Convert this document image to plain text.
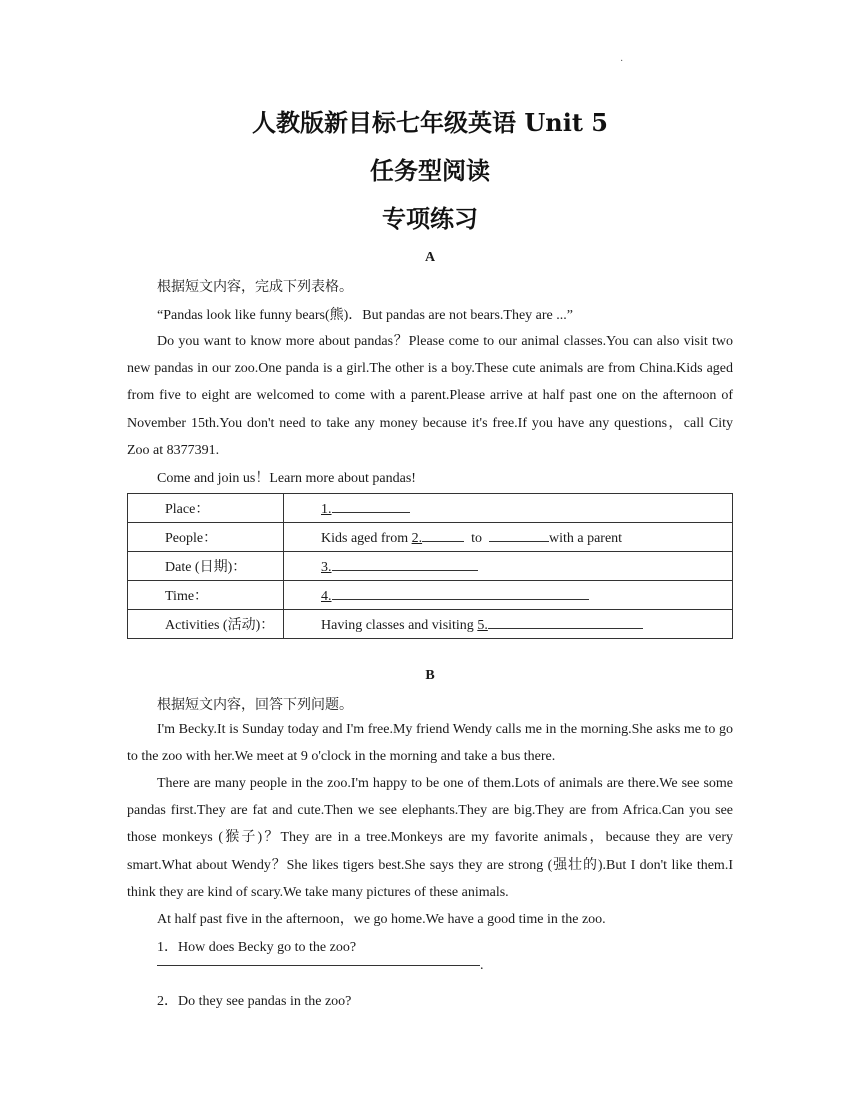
·
人教版新目标七年级英语 Unit 5
任务型阅读
专项练习
A
根据短文内容，完成下列表格。
“Pandas look like funny bears(熊)．But pandas are not bears.They are ...”
Do you want to know more about pandas？Please come to our animal classes.You can also visit two new pandas in our zoo.One panda is a girl.The other is a boy.These cute animals are from China.Kids aged from five to eight are welcomed to come with a parent.Please arrive at half past one on the afternoon of November 15th.You don't need to take any money because it's free.If you have any questions，call City Zoo at 8377391.
Come and join us！Learn more about pandas!
Place：	1.
People：	Kids aged from 2. to with a parent
Date (日期)：	3.
Time：	4.
Activities (活动)：	Having classes and visiting 5.
B
根据短文内容，回答下列问题。
I'm Becky.It is Sunday today and I'm free.My friend Wendy calls me in the morning.She asks me to go to the zoo with her.We meet at 9 o'clock in the morning and take a bus there.
There are many people in the zoo.I'm happy to be one of them.Lots of animals are there.We see some pandas first.They are fat and cute.Then we see elephants.They are big.They are from Africa.Can you see those monkeys (猴子)？They are in a tree.Monkeys are my favorite animals，because they are very smart.What about Wendy？She likes tigers best.She says they are strong (强壮的).But I don't like them.I think they are kind of scary.We take many pictures of these animals.
At half past five in the afternoon，we go home.We have a good time in the zoo.
1．How does Becky go to the zoo?
.
2．Do they see pandas in the zoo?
